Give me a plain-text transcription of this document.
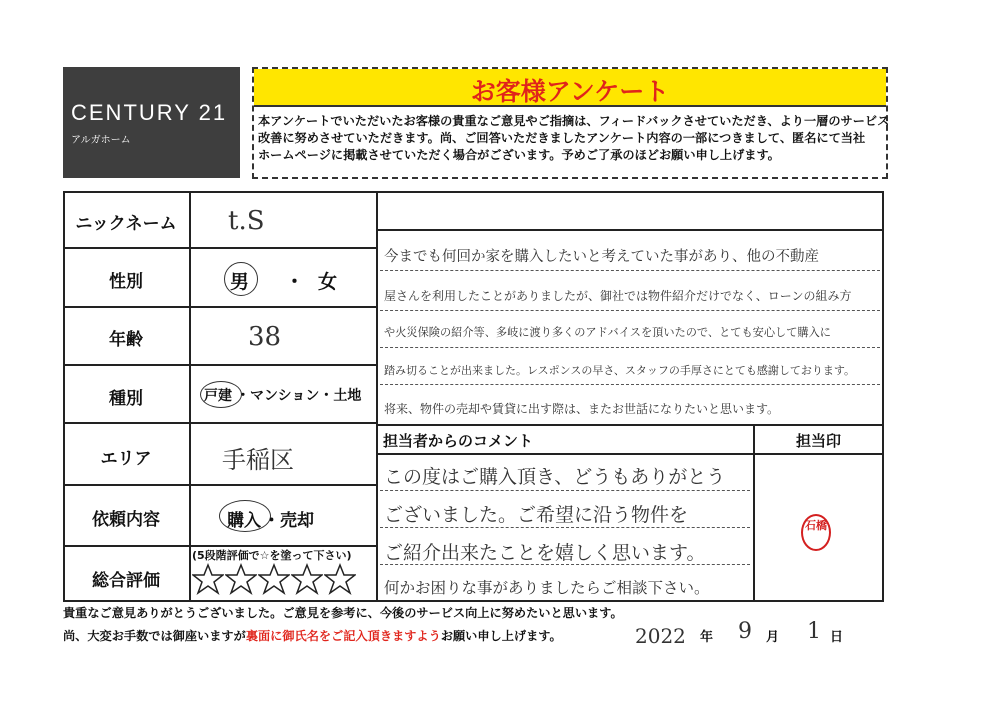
CENTURY 21
アルガホーム
お客様アンケート
本アンケートでいただいたお客様の貴重なご意見やご指摘は、フィードバックさせていただき、より一層のサービス
改善に努めさせていただきます。尚、ご回答いただきましたアンケート内容の一部につきまして、匿名にて当社
ホームページに掲載させていただく場合がございます。予めご了承のほどお願い申し上げます。
ニックネーム
性別
年齢
種別
エリア
依頼内容
総合評価
t.S
男 ・ 女
38
戸建 ・マンション・土地
手稲区
購入 ・売却
(5段階評価で☆を塗って下さい)
今までも何回か家を購入したいと考えていた事があり、他の不動産
屋さんを利用したことがありましたが、御社では物件紹介だけでなく、ローンの組み方
や火災保険の紹介等、多岐に渡り多くのアドバイスを頂いたので、とても安心して購入に
踏み切ることが出来ました。レスポンスの早さ、スタッフの手厚さにとても感謝しております。
将来、物件の売却や賃貸に出す際は、またお世話になりたいと思います。
担当者からのコメント	担当印
この度はご購入頂き、どうもありがとう
ございました。ご希望に沿う物件を
ご紹介出来たことを嬉しく思います。
何かお困りな事がありましたらご相談下さい。
石橋
貴重なご意見ありがとうございました。ご意見を参考に、今後のサービス向上に努めたいと思います。
尚、大変お手数では御座いますが裏面に御氏名をご記入頂きますようお願い申し上げます。	2022 年 9 月 1 日
